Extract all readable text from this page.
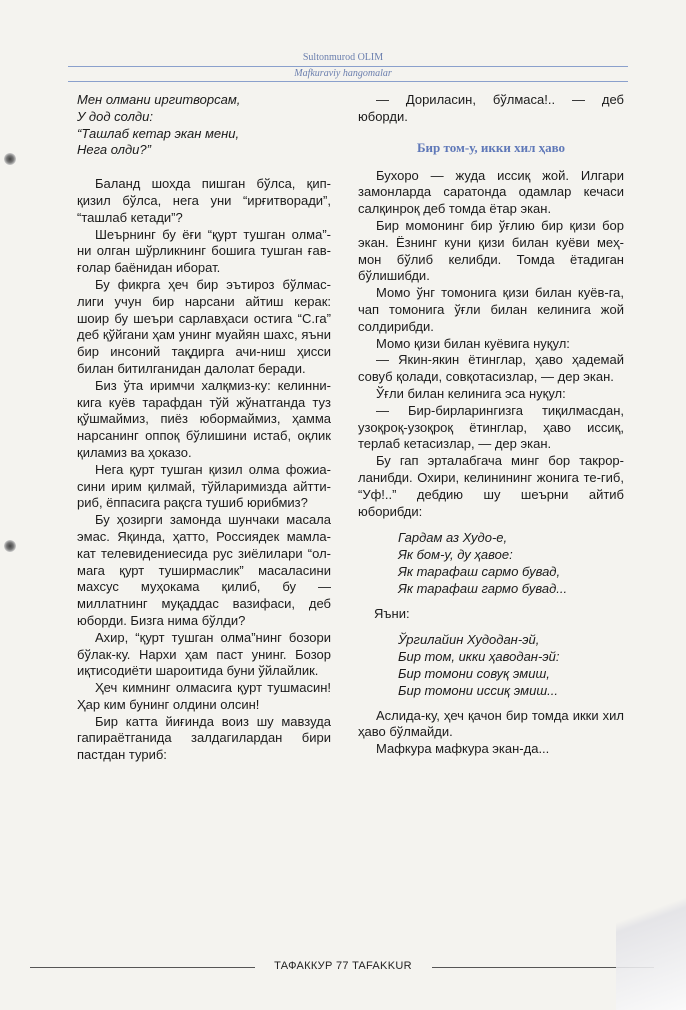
Sultonmurod OLIM
Mafkuraviy hangomalar
Мен олмани иргитворсам,
У дод солди:
“Ташлаб кетар экан мени,
Нега олди?”

Баланд шохда пишган бўлса, қип-қизил бўлса, нега уни “ирғитворади”, “ташлаб кетади”?

Шеърнинг бу ёғи “қурт тушган олма”-ни олган шўрликнинг бошига тушган ғав-ғолар баёнидан иборат.

Бу фикрга ҳеч бир эътироз бўлмас-лиги учун бир нарсани айтиш керак: шоир бу шеъри сарлавҳаси остига “С.га” деб қўйгани ҳам унинг муайян шахс, яъни бир инсоний тақдирга ачи-ниш ҳисси билан битилганидан далолат беради.

Биз ўта иримчи халқмиз-ку: келинни-кига куёв тарафдан тўй жўнатганда туз қўшмаймиз, пиёз юбормаймиз, ҳамма нарсанинг оппоқ бўлишини истаб, оқлик қиламиз ва ҳоказо.

Нега қурт тушган қизил олма фожиа-сини ирим қилмай, тўйларимизда айтти-риб, ёппасига рақсга тушиб юрибмиз?

Бу ҳозирги замонда шунчаки масала эмас. Яқинда, ҳатто, Россиядек мамла-кат телевидениесида рус зиёлилари “ол-мага қурт туширмаслик” масаласини махсус муҳокама қилиб, бу — миллатнинг муқаддас вазифаси, деб юборди. Бизга нима бўлди?

Ахир, “қурт тушган олма”нинг бозори бўлак-ку. Нархи ҳам паст унинг. Бозор иқтисодиёти шароитида буни ўйлайлик.

Ҳеч кимнинг олмасига қурт тушмасин! Ҳар ким бунинг олдини олсин!

Бир катта йиғинда воиз шу мавзуда гапираётганида залдагилардан бири пастдан туриб:

— Дориласин, бўлмаса!.. — деб юборди.

Бир том-у, икки хил ҳаво

Бухоро — жуда иссиқ жой. Илгари замонларда саратонда одамлар кечаси салқинроқ деб томда ётар экан.

Бир момонинг бир ўғлию бир қизи бор экан. Ёзнинг куни қизи билан куёви меҳ-мон бўлиб келибди. Томда ётадиган бўлишибди.

Момо ўнг томонига қизи билан куёв-га, чап томонига ўғли билан келинига жой солдирибди.

Момо қизи билан куёвига нуқул:

— Якин-якин ётинглар, ҳаво ҳадемай совуб қолади, совқотасизлар, — дер экан.

Ўғли билан келинига эса нуқул:

— Бир-бирларингизга тиқилмасдан, узоқроқ-узоқроқ ётинглар, ҳаво иссиқ, терлаб кетасизлар, — дер экан.

Бу гап эрталабгача минг бор такрор-ланибди. Охири, келинининг жонига те-гиб, “Уф!..” дебдию шу шеърни айтиб юборибди:

Гардам аз Худо-е,
Як бом-у, ду ҳавое:
Як тарафаш сармо бувад,
Як тарафаш гармо бувад...
Яъни:
Ўргилайин Худодан-эй,
Бир том, икки ҳаводан-эй:
Бир томони совуқ эмиш,
Бир томони иссиқ эмиш...

Аслида-ку, ҳеч қачон бир томда икки хил ҳаво бўлмайди.

Мафкура мафкура экан-да...

ТАФАККУР 77 TAFAKKUR
